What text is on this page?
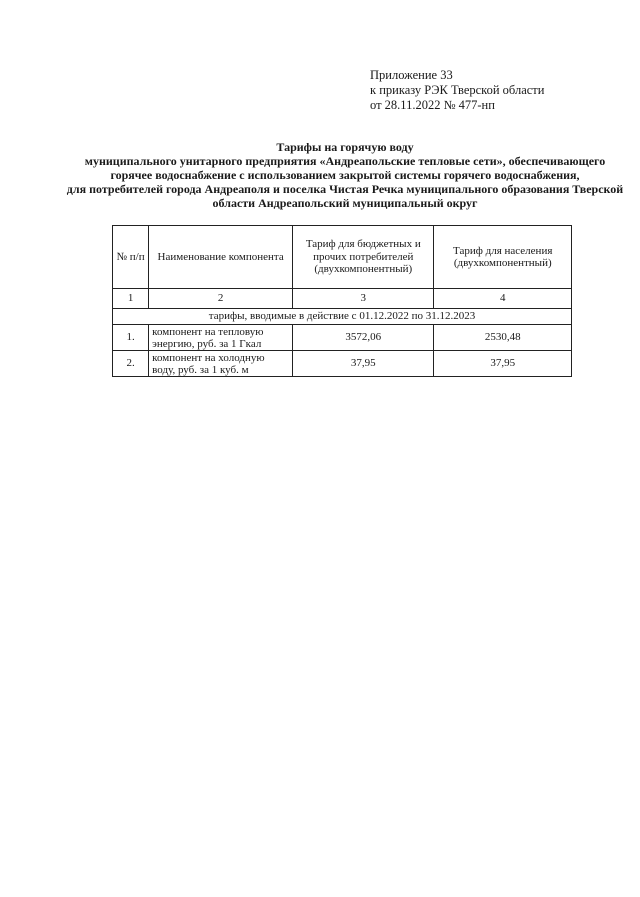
Приложение 33
к приказу РЭК Тверской области
от 28.11.2022 № 477-нп
Тарифы на горячую воду
муниципального унитарного предприятия «Андреапольские тепловые сети», обеспечивающего
горячее водоснабжение с использованием закрытой системы горячего водоснабжения,
для потребителей города Андреаполя и поселка Чистая Речка муниципального образования Тверской
области Андреапольский муниципальный округ
№ п/п	Наименование компонента	Тариф для бюджетных и прочих потребителей (двухкомпонентный)	Тариф для населения (двухкомпонентный)
1	2	3	4
тарифы, вводимые в действие с 01.12.2022 по 31.12.2023			
1.	компонент на тепловую энергию, руб. за 1 Гкал	3572,06	2530,48
2.	компонент на холодную воду, руб. за 1 куб. м	37,95	37,95
